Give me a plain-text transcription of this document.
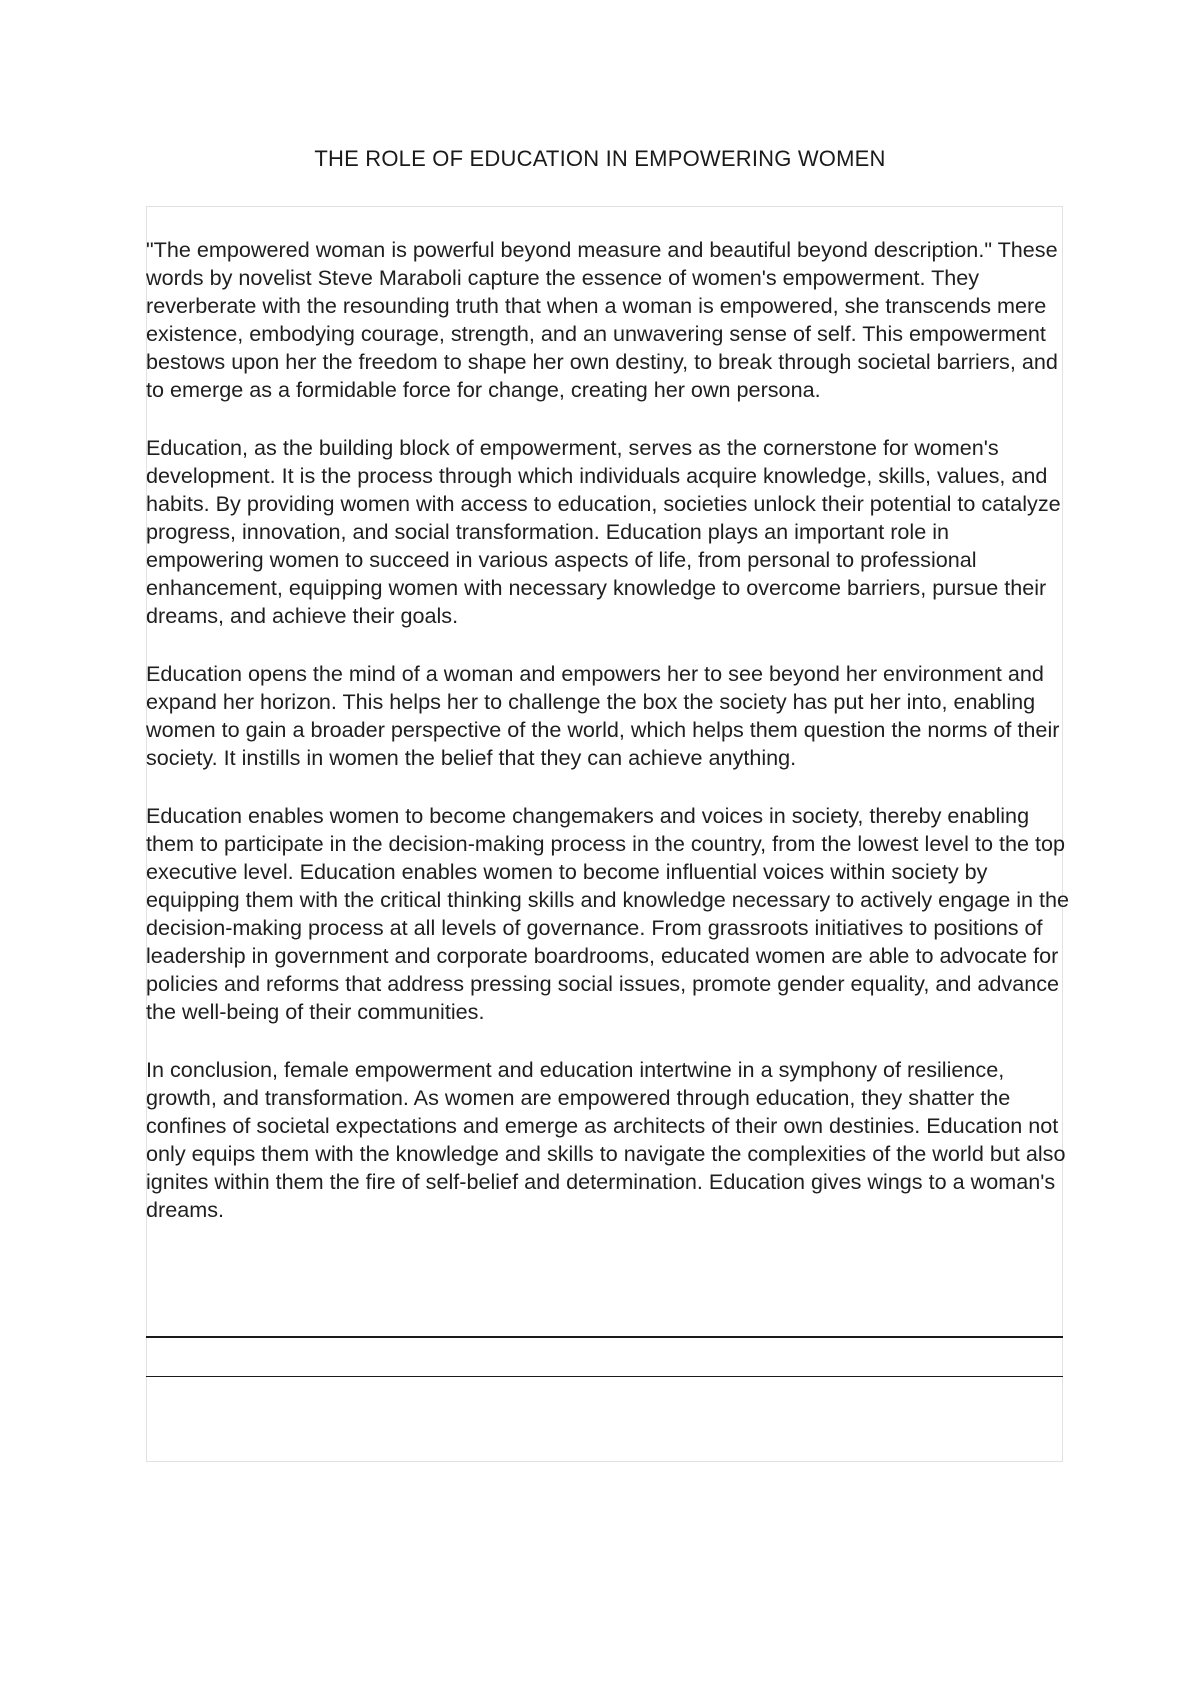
THE ROLE OF EDUCATION IN EMPOWERING WOMEN

"The empowered woman is powerful beyond measure and beautiful beyond description." These words by novelist Steve Maraboli capture the essence of women's empowerment. They reverberate with the resounding truth that when a woman is empowered, she transcends mere existence, embodying courage, strength, and an unwavering sense of self. This empowerment bestows upon her the freedom to shape her own destiny, to break through societal barriers, and to emerge as a formidable force for change, creating her own persona.

Education, as the building block of empowerment, serves as the cornerstone for women's development. It is the process through which individuals acquire knowledge, skills, values, and habits. By providing women with access to education, societies unlock their potential to catalyze progress, innovation, and social transformation. Education plays an important role in empowering women to succeed in various aspects of life, from personal to professional enhancement, equipping women with necessary knowledge to overcome barriers, pursue their dreams, and achieve their goals.

Education opens the mind of a woman and empowers her to see beyond her environment and expand her horizon. This helps her to challenge the box the society has put her into, enabling women to gain a broader perspective of the world, which helps them question the norms of their society. It instills in women the belief that they can achieve anything.

Education enables women to become changemakers and voices in society, thereby enabling them to participate in the decision-making process in the country, from the lowest level to the top executive level. Education enables women to become influential voices within society by equipping them with the critical thinking skills and knowledge necessary to actively engage in the decision-making process at all levels of governance. From grassroots initiatives to positions of leadership in government and corporate boardrooms, educated women are able to advocate for policies and reforms that address pressing social issues, promote gender equality, and advance the well-being of their communities.

In conclusion, female empowerment and education intertwine in a symphony of resilience, growth, and transformation. As women are empowered through education, they shatter the confines of societal expectations and emerge as architects of their own destinies. Education not only equips them with the knowledge and skills to navigate the complexities of the world but also ignites within them the fire of self-belief and determination. Education gives wings to a woman's dreams.
